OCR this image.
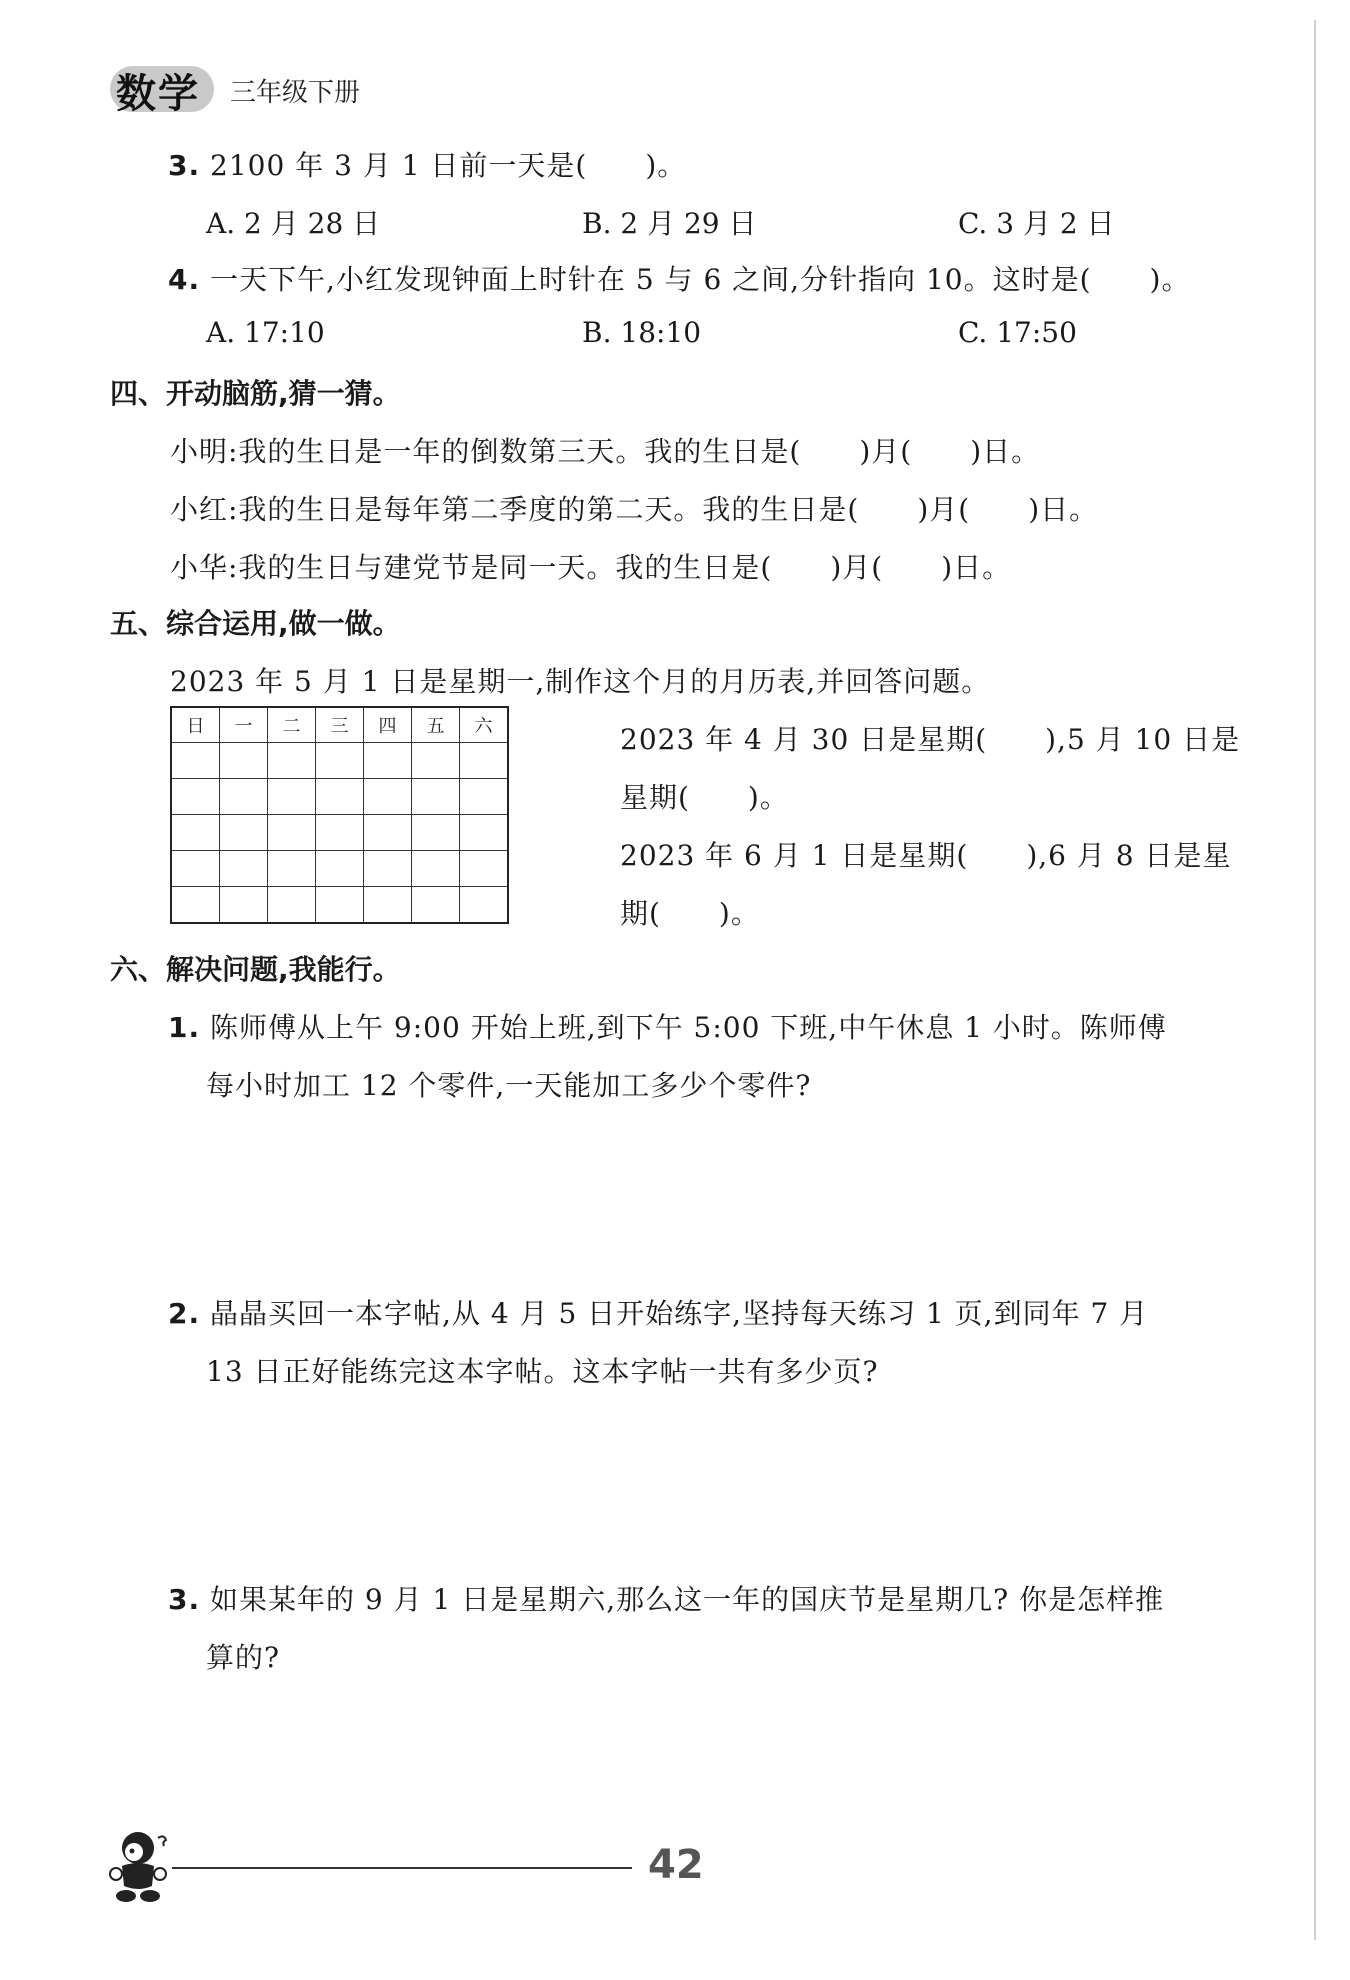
数学 三年级下册
3. 2100 年 3 月 1 日前一天是(　　)。
A. 2 月 28 日	B. 2 月 29 日	C. 3 月 2 日
4. 一天下午,小红发现钟面上时针在 5 与 6 之间,分针指向 10。这时是(　　)。
A. 17:10	B. 18:10	C. 17:50
四、开动脑筋,猜一猜。
小明:我的生日是一年的倒数第三天。我的生日是(　　)月(　　)日。
小红:我的生日是每年第二季度的第二天。我的生日是(　　)月(　　)日。
小华:我的生日与建党节是同一天。我的生日是(　　)月(　　)日。
五、综合运用,做一做。
2023 年 5 月 1 日是星期一,制作这个月的月历表,并回答问题。
日	一	二	三	四	五	六

							2023 年 4 月 30 日是星期(　　),5 月 10 日是
星期(　　)。
2023 年 6 月 1 日是星期(　　),6 月 8 日是星
期(　　)。
六、解决问题,我能行。
1. 陈师傅从上午 9:00 开始上班,到下午 5:00 下班,中午休息 1 小时。陈师傅
每小时加工 12 个零件,一天能加工多少个零件?
2. 晶晶买回一本字帖,从 4 月 5 日开始练字,坚持每天练习 1 页,到同年 7 月
13 日正好能练完这本字帖。这本字帖一共有多少页?
3. 如果某年的 9 月 1 日是星期六,那么这一年的国庆节是星期几? 你是怎样推
算的?
42
